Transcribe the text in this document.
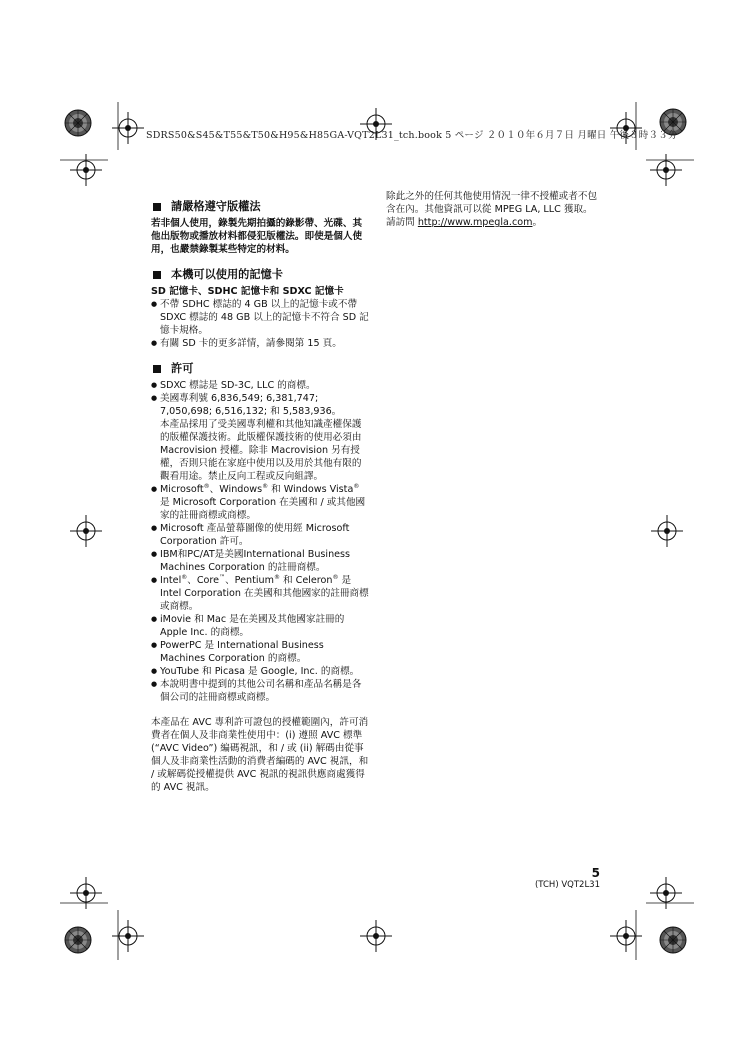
SDRS50&S45&T55&T50&H95&H85GA-VQT2L31_tch.book 5 ページ ２０１０年６月７日 月曜日 午後３時３３分
請嚴格遵守版權法

若非個人使用，錄製先期拍攝的錄影帶、光碟、其他出版物或播放材料都侵犯版權法。即使是個人使用，也嚴禁錄製某些特定的材料。

本機可以使用的記憶卡

SD 記憶卡、SDHC 記憶卡和 SDXC 記憶卡

● 不帶 SDHC 標誌的 4 GB 以上的記憶卡或不帶 SDXC 標誌的 48 GB 以上的記憶卡不符合 SD 記憶卡規格。
● 有關 SD 卡的更多詳情，請參閱第 15 頁。
許可
● SDXC 標誌是 SD-3C, LLC 的商標。
● 美國專利號 6,836,549; 6,381,747; 7,050,698; 6,516,132; 和 5,583,936。
本產品採用了受美國專利權和其他知識產權保護的版權保護技術。此版權保護技術的使用必須由 Macrovision 授權。除非 Macrovision 另有授權，否則只能在家庭中使用以及用於其他有限的觀看用途。禁止反向工程或反向組譯。
● Microsoft®、Windows® 和 Windows Vista® 是 Microsoft Corporation 在美國和 / 或其他國家的註冊商標或商標。
● Microsoft 產品螢幕圖像的使用經 Microsoft Corporation 許可。
● IBM和PC/AT是美國International Business Machines Corporation 的註冊商標。
● Intel®、Core™、Pentium® 和 Celeron® 是 Intel Corporation 在美國和其他國家的註冊商標或商標。
● iMovie 和 Mac 是在美國及其他國家註冊的 Apple Inc. 的商標。
● PowerPC 是 International Business Machines Corporation 的商標。
● YouTube 和 Picasa 是 Google, Inc. 的商標。
● 本說明書中提到的其他公司名稱和產品名稱是各個公司的註冊商標或商標。

本產品在 AVC 專利許可證包的授權範圍內，許可消費者在個人及非商業性使用中：(i) 遵照 AVC 標準 (“AVC Video”) 編碼視訊，和 / 或 (ii) 解碼由從事個人及非商業性活動的消費者編碼的 AVC 視訊，和 / 或解碼從授權提供 AVC 視訊的視訊供應商處獲得的 AVC 視訊。

除此之外的任何其他使用情況一律不授權或者不包含在內。其他資訊可以從 MPEG LA, LLC 獲取。

請訪問 http://www.mpegla.com。

5
(TCH) VQT2L31
